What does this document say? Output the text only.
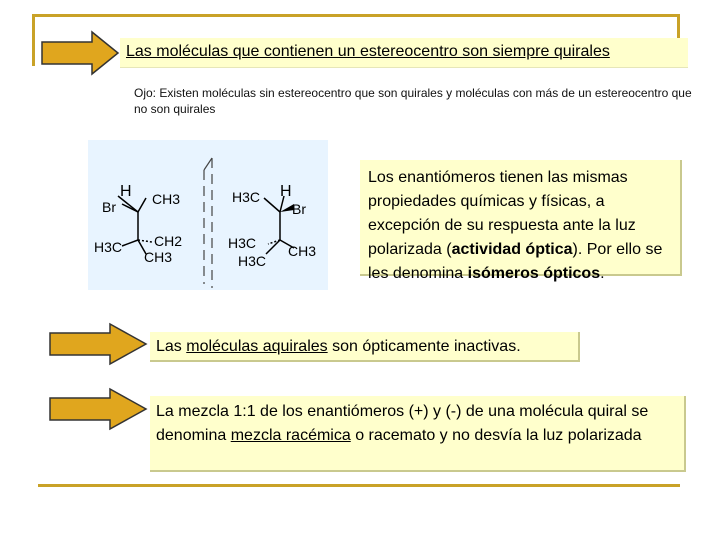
Las moléculas que contienen un estereocentro son siempre quirales
Ojo: Existen moléculas sin estereocentro que son quirales y moléculas con más de un estereocentro que no son quirales
H
Br	CH3
H3C CH2
CH3
H3C H
Br
H3C
H3C
CH3
Los enantiómeros tienen las mismas propiedades químicas y físicas, a excepción de su respuesta ante la luz polarizada (actividad óptica). Por ello se les denomina isómeros ópticos.
Las moléculas aquirales son ópticamente inactivas.
La mezcla 1:1 de los enantiómeros (+) y (-) de una molécula quiral se denomina mezcla racémica o racemato y no desvía la luz polarizada
